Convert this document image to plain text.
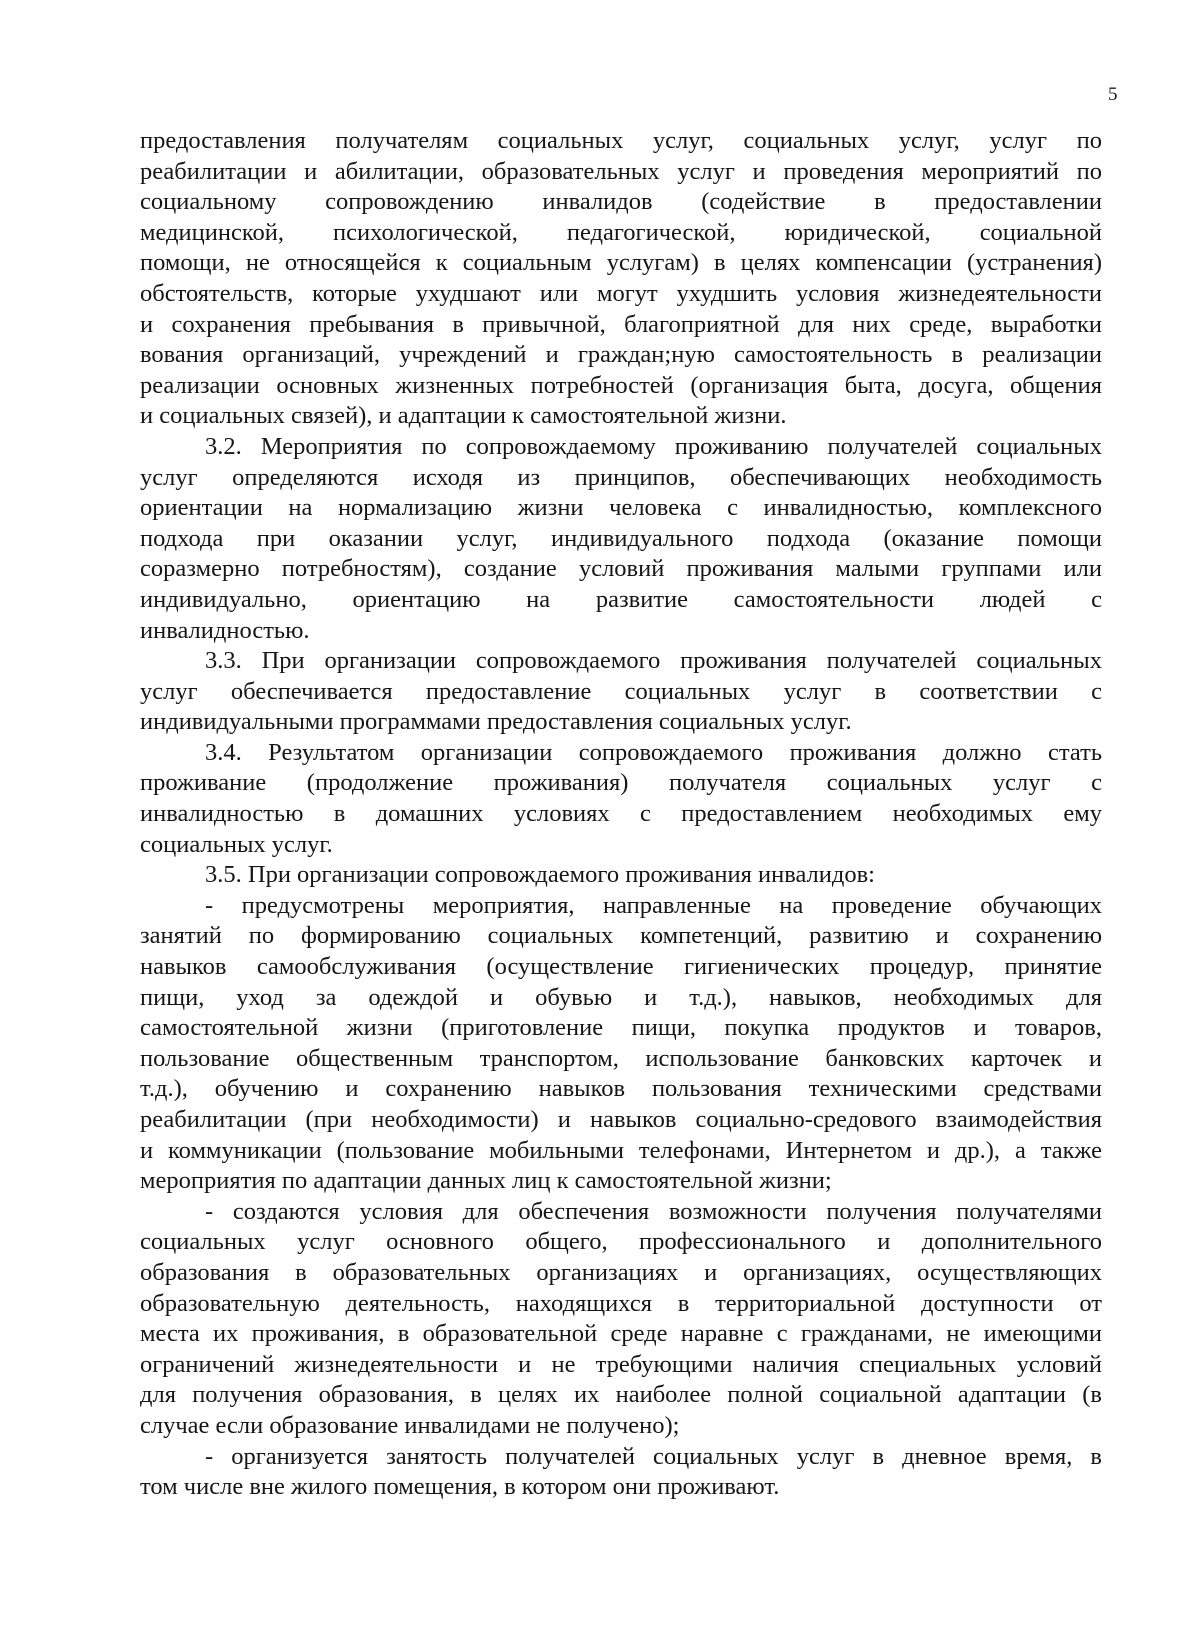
5
предоставления получателям социальных услуг, социальных услуг, услуг по
реабилитации и абилитации, образовательных услуг и проведения мероприятий по
социальному сопровождению инвалидов (содействие в предоставлении
медицинской, психологической, педагогической, юридической, социальной
помощи, не относящейся к социальным услугам) в целях компенсации (устранения)
обстоятельств, которые ухудшают или могут ухудшить условия жизнедеятельности
и сохранения пребывания в привычной, благоприятной для них среде, выработки
вования организаций, учреждений и граждан;ную самостоятельность в реализации
реализации основных жизненных потребностей (организация быта, досуга, общения
и социальных связей), и адаптации к самостоятельной жизни.
3.2. Мероприятия по сопровождаемому проживанию получателей социальных
услуг определяются исходя из принципов, обеспечивающих необходимость
ориентации на нормализацию жизни человека с инвалидностью, комплексного
подхода при оказании услуг, индивидуального подхода (оказание помощи
соразмерно потребностям), создание условий проживания малыми группами или
индивидуально, ориентацию на развитие самостоятельности людей с
инвалидностью.
3.3. При организации сопровождаемого проживания получателей социальных
услуг обеспечивается предоставление социальных услуг в соответствии с
индивидуальными программами предоставления социальных услуг.
3.4. Результатом организации сопровождаемого проживания должно стать
проживание (продолжение проживания) получателя социальных услуг с
инвалидностью в домашних условиях с предоставлением необходимых ему
социальных услуг.
3.5. При организации сопровождаемого проживания инвалидов:
- предусмотрены мероприятия, направленные на проведение обучающих
занятий по формированию социальных компетенций, развитию и сохранению
навыков самообслуживания (осуществление гигиенических процедур, принятие
пищи, уход за одеждой и обувью и т.д.), навыков, необходимых для
самостоятельной жизни (приготовление пищи, покупка продуктов и товаров,
пользование общественным транспортом, использование банковских карточек и
т.д.), обучению и сохранению навыков пользования техническими средствами
реабилитации (при необходимости) и навыков социально-средового взаимодействия
и коммуникации (пользование мобильными телефонами, Интернетом и др.), а также
мероприятия по адаптации данных лиц к самостоятельной жизни;
- создаются условия для обеспечения возможности получения получателями
социальных услуг основного общего, профессионального и дополнительного
образования в образовательных организациях и организациях, осуществляющих
образовательную деятельность, находящихся в территориальной доступности от
места их проживания, в образовательной среде наравне с гражданами, не имеющими
ограничений жизнедеятельности и не требующими наличия специальных условий
для получения образования, в целях их наиболее полной социальной адаптации (в
случае если образование инвалидами не получено);
- организуется занятость получателей социальных услуг в дневное время, в
том числе вне жилого помещения, в котором они проживают.
